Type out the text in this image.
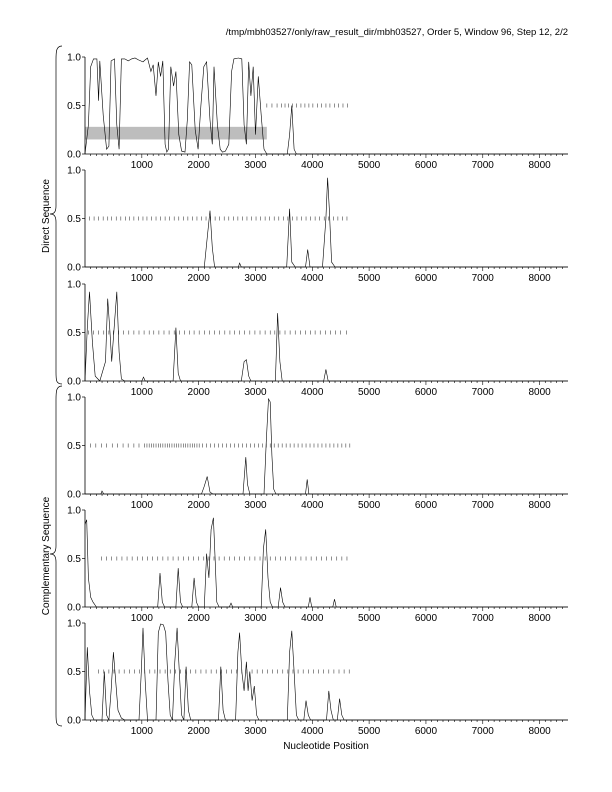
/tmp/mbh03527/only/raw_result_dir/mbh03527, Order 5, Window 96, Step 12, 2/2
0.0
0.5
1.0
1000	2000	3000	4000	5000	6000	7000	8000
0.0
0.5
1.0
1000	2000	3000	4000	5000	6000	7000	8000
0.0
0.5
1.0
1000	2000	3000	4000	5000	6000	7000	8000
0.0
0.5
1.0
1000	2000	3000	4000	5000	6000	7000	8000
0.0
0.5
1.0
1000	2000	3000	4000	5000	6000	7000	8000
0.0
0.5
1.0
1000	2000	3000	4000	5000	6000	7000	8000
Direct Sequence
Complementary Sequence
Nucleotide Position
